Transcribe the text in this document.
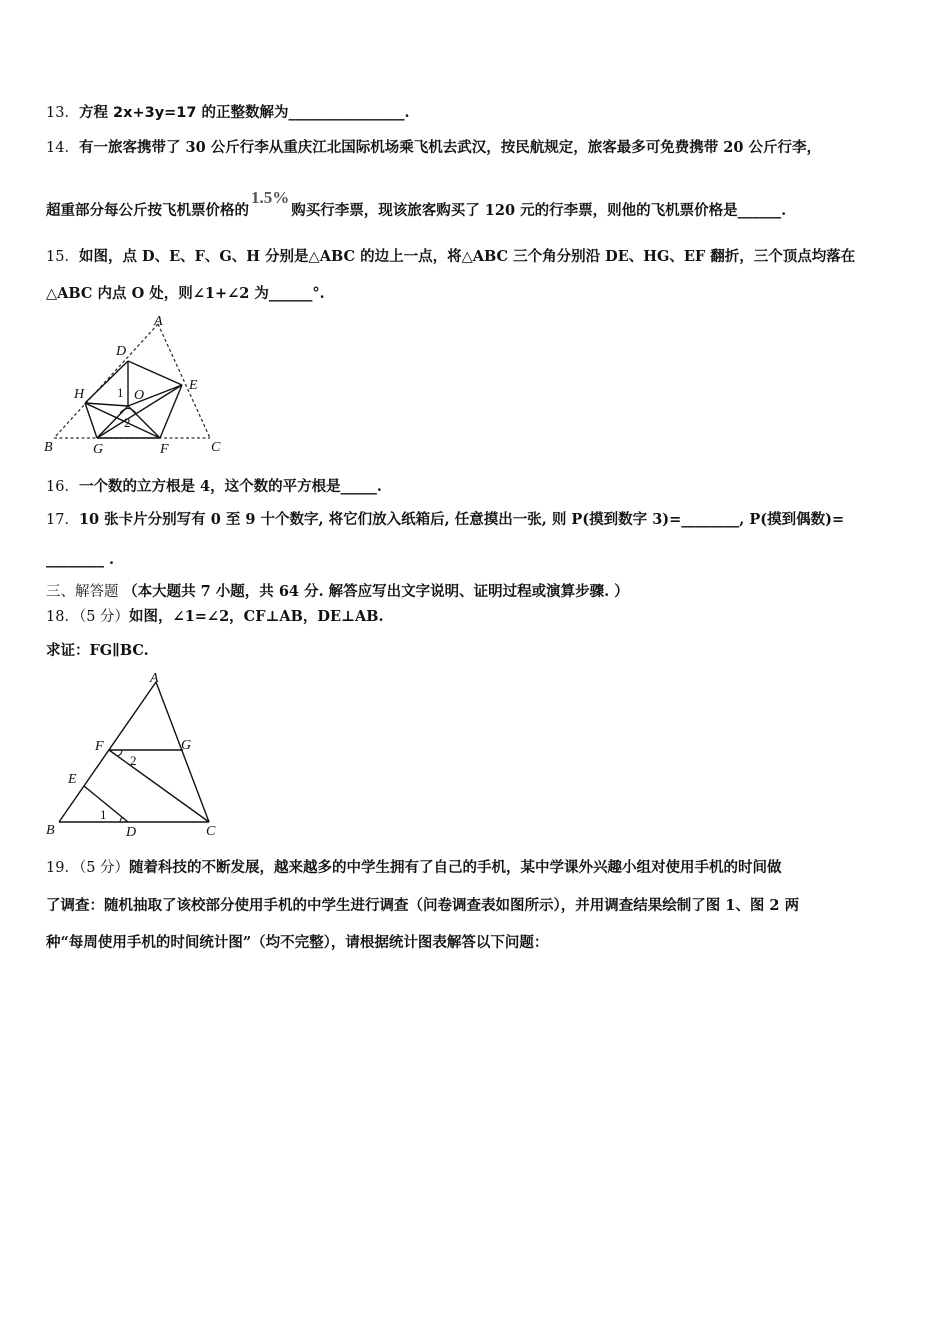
13．方程 2x+3y=17 的正整数解为________________.
14．有一旅客携带了 30 公斤行李从重庆江北国际机场乘飞机去武汉，按民航规定，旅客最多可免费携带 20 公斤行李，
超重部分每公斤按飞机票价格的1.5%购买行李票，现该旅客购买了 120 元的行李票，则他的飞机票价格是______.
15．如图，点 D、E、F、G、H 分别是△ABC 的边上一点，将△ABC 三个角分别沿 DE、HG、EF 翻折，三个顶点均落在
△ABC 内点 O 处，则∠1+∠2 为______°.
A
B	C
D
E
F
G
H	O
1
2
16．一个数的立方根是 4，这个数的平方根是_____.
17．10 张卡片分别写有 0 至 9 十个数字, 将它们放入纸箱后, 任意摸出一张, 则 P(摸到数字 3)=________, P(摸到偶数)=
________ .
三、解答题 （本大题共 7 小题，共 64 分. 解答应写出文字说明、证明过程或演算步骤. ）
18．（5 分）如图，∠1=∠2，CF⊥AB，DE⊥AB.
求证：FG∥BC.
A
B	C
D
E
F	G
1
2
19．（5 分）随着科技的不断发展，越来越多的中学生拥有了自己的手机，某中学课外兴趣小组对使用手机的时间做
了调查：随机抽取了该校部分使用手机的中学生进行调查（问卷调查表如图所示），并用调查结果绘制了图 1、图 2 两
种“每周使用手机的时间统计图”（均不完整），请根据统计图表解答以下问题：
